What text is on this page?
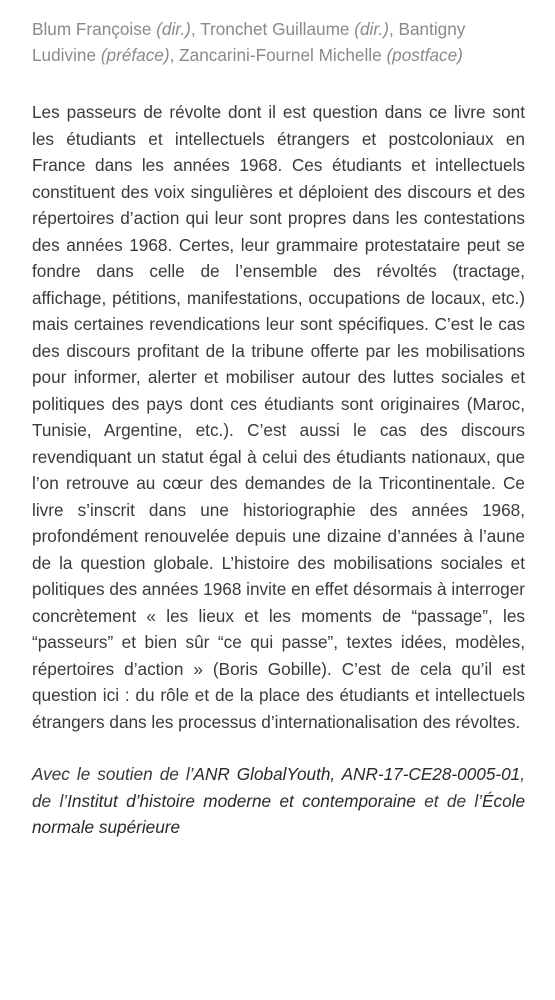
Blum Françoise (dir.), Tronchet Guillaume (dir.), Bantigny Ludivine (préface), Zancarini-Fournel Michelle (postface)

Les passeurs de révolte dont il est question dans ce livre sont les étudiants et intellectuels étrangers et postcoloniaux en France dans les années 1968. Ces étudiants et intellectuels constituent des voix singulières et déploient des discours et des répertoires d’action qui leur sont propres dans les contestations des années 1968. Certes, leur grammaire protestataire peut se fondre dans celle de l’ensemble des révoltés (tractage, affichage, pétitions, manifestations, occupations de locaux, etc.) mais certaines revendications leur sont spécifiques. C’est le cas des discours profitant de la tribune offerte par les mobilisations pour informer, alerter et mobiliser autour des luttes sociales et politiques des pays dont ces étudiants sont originaires (Maroc, Tunisie, Argentine, etc.). C’est aussi le cas des discours revendiquant un statut égal à celui des étudiants nationaux, que l’on retrouve au cœur des demandes de la Tricontinentale. Ce livre s’inscrit dans une historiographie des années 1968, profondément renouvelée depuis une dizaine d’années à l’aune de la question globale. L’histoire des mobilisations sociales et politiques des années 1968 invite en effet désormais à interroger concrètement « les lieux et les moments de “passage”, les “passeurs” et bien sûr “ce qui passe”, textes idées, modèles, répertoires d’action » (Boris Gobille). C’est de cela qu’il est question ici : du rôle et de la place des étudiants et intellectuels étrangers dans les processus d’internationalisation des révoltes.

Avec le soutien de l’ANR GlobalYouth, ANR-17-CE28-0005-01, de l’Institut d’histoire moderne et contemporaine et de l’École normale supérieure
